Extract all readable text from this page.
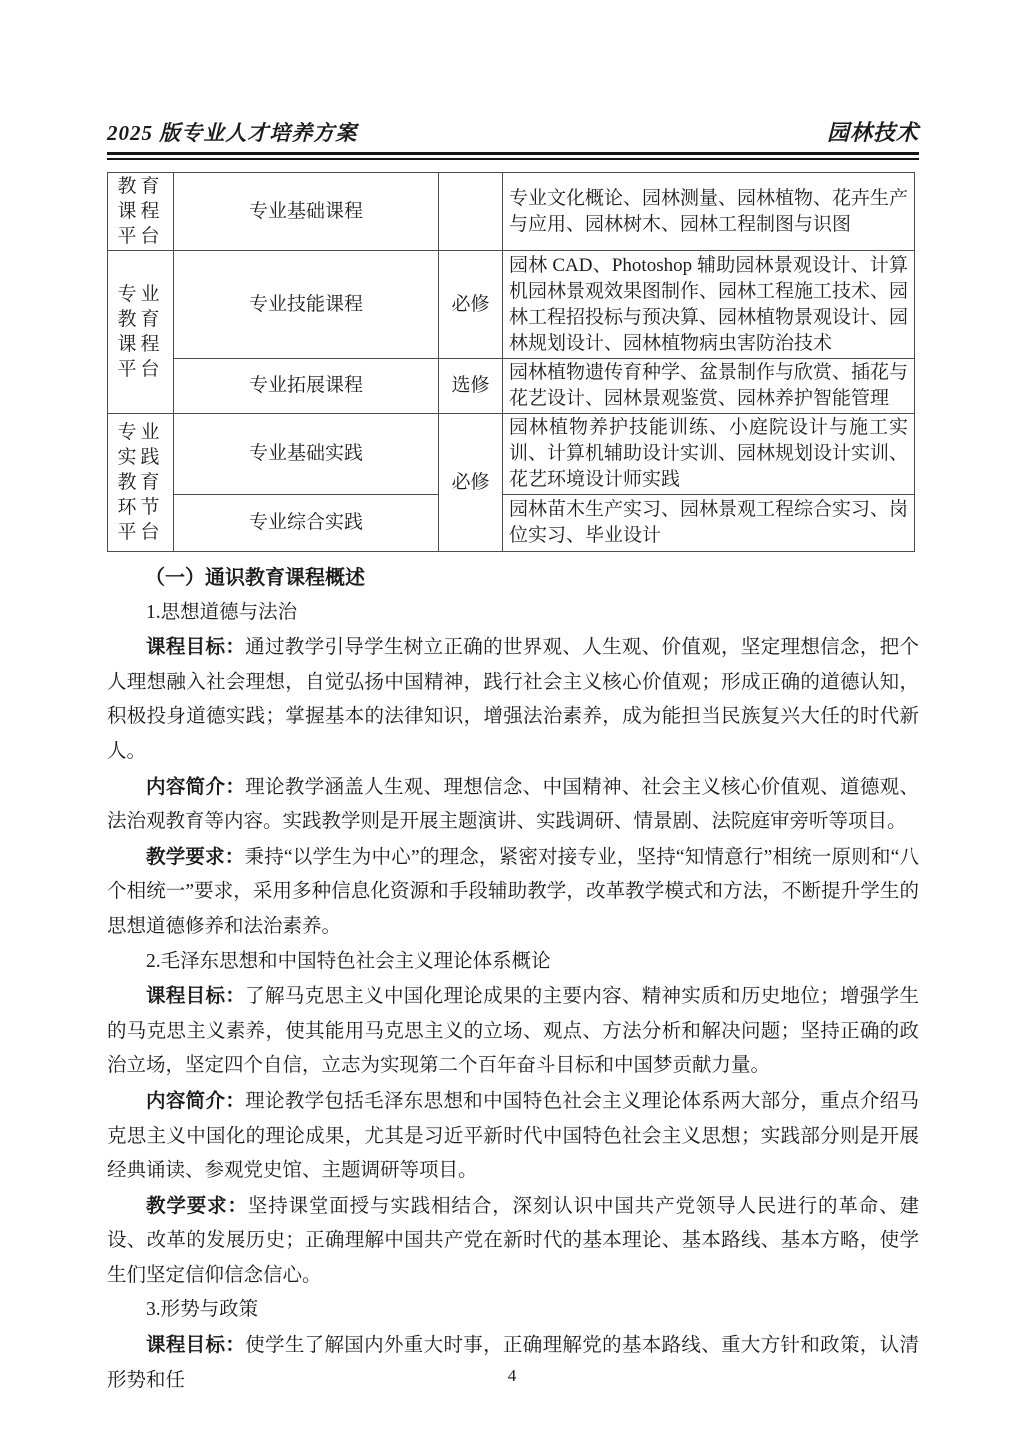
2025 版专业人才培养方案	园林技术
教育课程平台	专业基础课程		专业文化概论、园林测量、园林植物、花卉生产与应用、园林树木、园林工程制图与识图
专业教育课程平台	专业技能课程	必修	园林 CAD、Photoshop 辅助园林景观设计、计算机园林景观效果图制作、园林工程施工技术、园林工程招投标与预决算、园林植物景观设计、园林规划设计、园林植物病虫害防治技术
	专业拓展课程	选修	园林植物遗传育种学、盆景制作与欣赏、插花与花艺设计、园林景观鉴赏、园林养护智能管理
专业实践教育环节平台	专业基础实践	必修	园林植物养护技能训练、小庭院设计与施工实训、计算机辅助设计实训、园林规划设计实训、花艺环境设计师实践
	专业综合实践		园林苗木生产实习、园林景观工程综合实习、岗位实习、毕业设计

（一）通识教育课程概述

1.思想道德与法治

课程目标：通过教学引导学生树立正确的世界观、人生观、价值观，坚定理想信念，把个人理想融入社会理想，自觉弘扬中国精神，践行社会主义核心价值观；形成正确的道德认知，积极投身道德实践；掌握基本的法律知识，增强法治素养，成为能担当民族复兴大任的时代新人。

内容简介：理论教学涵盖人生观、理想信念、中国精神、社会主义核心价值观、道德观、法治观教育等内容。实践教学则是开展主题演讲、实践调研、情景剧、法院庭审旁听等项目。

教学要求：秉持“以学生为中心”的理念，紧密对接专业，坚持“知情意行”相统一原则和“八个相统一”要求，采用多种信息化资源和手段辅助教学，改革教学模式和方法，不断提升学生的思想道德修养和法治素养。

2.毛泽东思想和中国特色社会主义理论体系概论

课程目标：了解马克思主义中国化理论成果的主要内容、精神实质和历史地位；增强学生的马克思主义素养，使其能用马克思主义的立场、观点、方法分析和解决问题；坚持正确的政治立场，坚定四个自信，立志为实现第二个百年奋斗目标和中国梦贡献力量。

内容简介：理论教学包括毛泽东思想和中国特色社会主义理论体系两大部分，重点介绍马克思主义中国化的理论成果，尤其是习近平新时代中国特色社会主义思想；实践部分则是开展经典诵读、参观党史馆、主题调研等项目。

教学要求：坚持课堂面授与实践相结合，深刻认识中国共产党领导人民进行的革命、建设、改革的发展历史；正确理解中国共产党在新时代的基本理论、基本路线、基本方略，使学生们坚定信仰信念信心。

3.形势与政策

课程目标：使学生了解国内外重大时事，正确理解党的基本路线、重大方针和政策，认清形势和任	4
